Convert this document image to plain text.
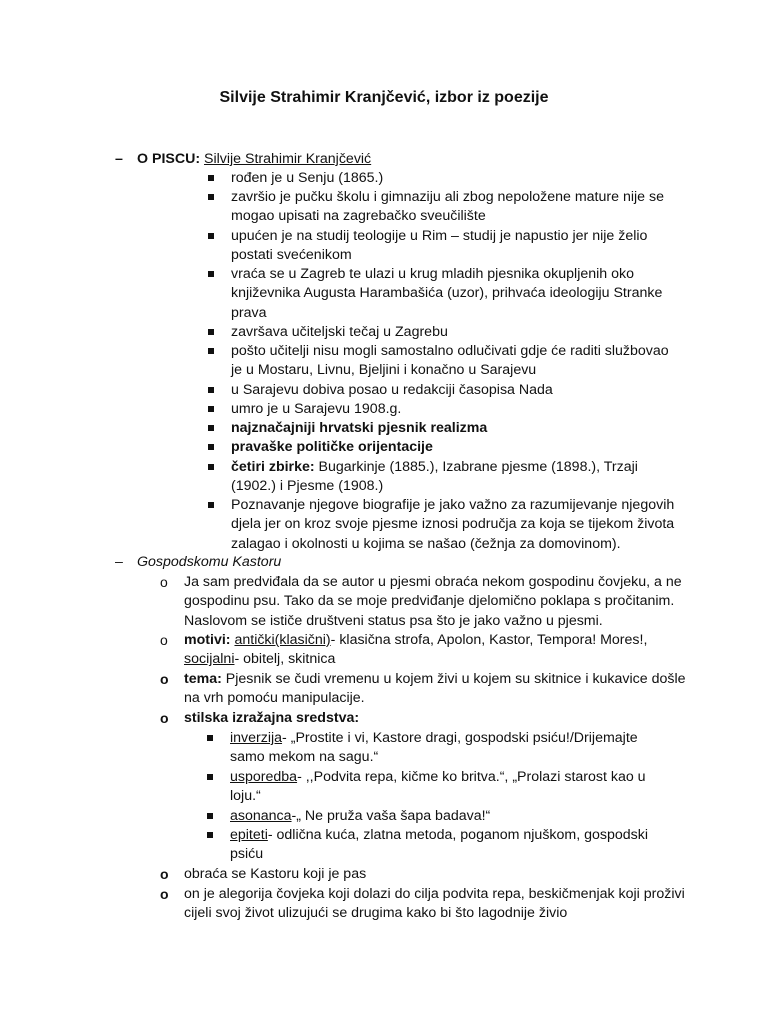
Silvije Strahimir Kranjčević, izbor iz poezije
– O PISCU: Silvije Strahimir Kranjčević
rođen je u Senju (1865.)
završio je pučku školu i gimnaziju ali zbog nepoložene mature nije se mogao upisati na zagrebačko sveučilište
upućen je na studij teologije u Rim – studij je napustio jer nije želio postati svećenikom
vraća se u Zagreb te ulazi u krug mladih pjesnika okupljenih oko književnika Augusta Harambašića (uzor), prihvaća ideologiju Stranke prava
završava učiteljski tečaj u Zagrebu
pošto učitelji nisu mogli samostalno odlučivati gdje će raditi službovao je u Mostaru, Livnu, Bjeljini i konačno u Sarajevu
u Sarajevu dobiva posao u redakciji časopisa Nada
umro je u Sarajevu 1908.g.
najznačajniji hrvatski pjesnik realizma
pravaške političke orijentacije
četiri zbirke: Bugarkinje (1885.), Izabrane pjesme (1898.), Trzaji (1902.) i Pjesme (1908.)
Poznavanje njegove biografije je jako važno za razumijevanje njegovih djela jer on kroz svoje pjesme iznosi područja za koja se tijekom života zalagao i okolnosti u kojima se našao (čežnja za domovinom).
– Gospodskomu Kastoru
o Ja sam predviđala da se autor u pjesmi obraća nekom gospodinu čovjeku, a ne gospodinu psu. Tako da se moje predviđanje djelomično poklapa s pročitanim. Naslovom se ističe društveni status psa što je jako važno u pjesmi.
o motivi: antički(klasični)- klasična strofa, Apolon, Kastor, Tempora! Mores!,
socijalni- obitelj, skitnica
o tema: Pjesnik se čudi vremenu u kojem živi u kojem su skitnice i kukavice došle na vrh pomoću manipulacije.
o stilska izražajna sredstva:
inverzija- „Prostite i vi, Kastore dragi, gospodski psiću!/Drijemajte samo mekom na sagu.“
usporedba- ,,Podvita repa, kičme ko britva.“, „Prolazi starost kao u loju.“
asonanca-„ Ne pruža vaša šapa badava!“
epiteti- odlična kuća, zlatna metoda, poganom njuškom, gospodski psiću
o obraća se Kastoru koji je pas
o on je alegorija čovjeka koji dolazi do cilja podvita repa, beskičmenjak koji proživi cijeli svoj život ulizujući se drugima kako bi što lagodnije živio
